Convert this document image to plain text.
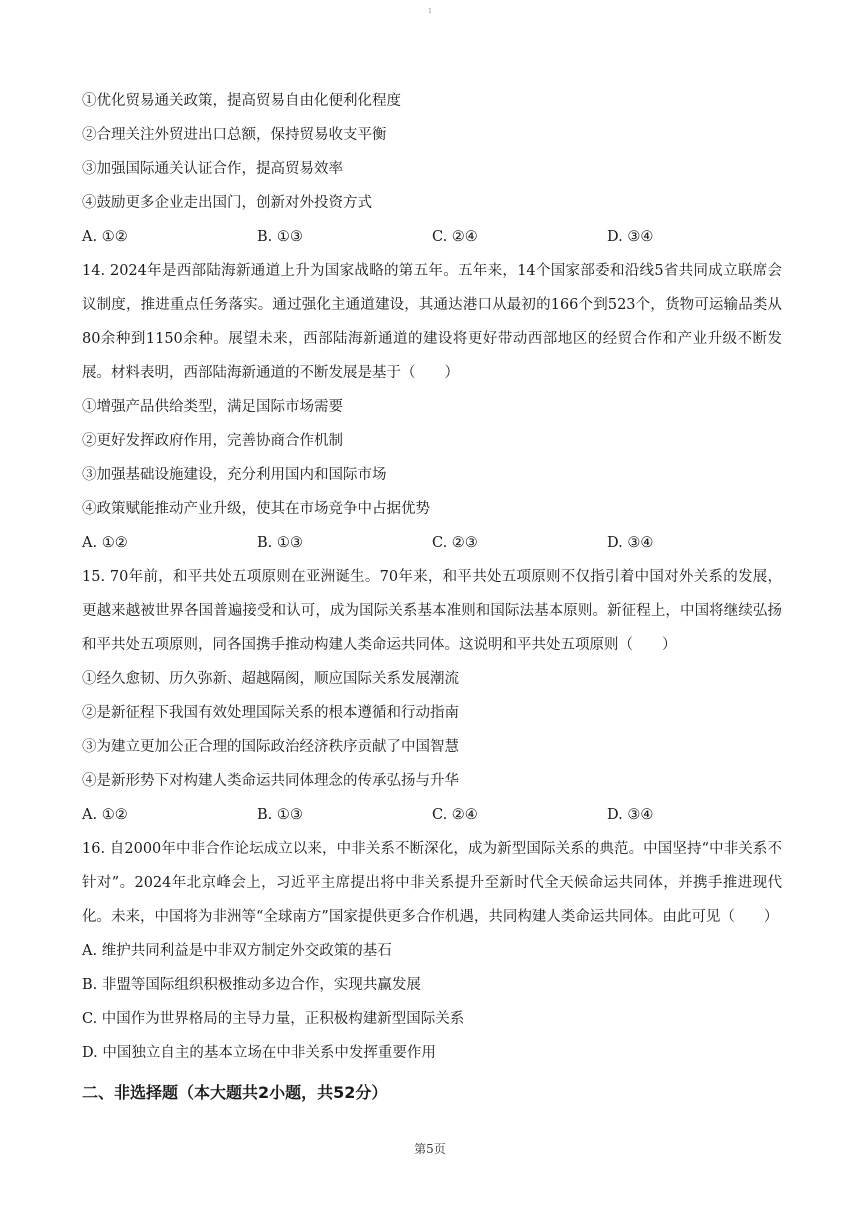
1
①优化贸易通关政策，提高贸易自由化便利化程度
②合理关注外贸进出口总额，保持贸易收支平衡
③加强国际通关认证合作，提高贸易效率
④鼓励更多企业走出国门，创新对外投资方式
A. ①②	B. ①③	C. ②④	D. ③④
14. 2024年是西部陆海新通道上升为国家战略的第五年。五年来，14个国家部委和沿线5省共同成立联席会议制度，推进重点任务落实。通过强化主通道建设，其通达港口从最初的166个到523个，货物可运输品类从80余种到1150余种。展望未来，西部陆海新通道的建设将更好带动西部地区的经贸合作和产业升级不断发展。材料表明，西部陆海新通道的不断发展是基于（　　）
①增强产品供给类型，满足国际市场需要
②更好发挥政府作用，完善协商合作机制
③加强基础设施建设，充分利用国内和国际市场
④政策赋能推动产业升级，使其在市场竞争中占据优势
A. ①②	B. ①③	C. ②③	D. ③④
15. 70年前，和平共处五项原则在亚洲诞生。70年来，和平共处五项原则不仅指引着中国对外关系的发展，更越来越被世界各国普遍接受和认可，成为国际关系基本准则和国际法基本原则。新征程上，中国将继续弘扬和平共处五项原则，同各国携手推动构建人类命运共同体。这说明和平共处五项原则（　　）
①经久愈韧、历久弥新、超越隔阂，顺应国际关系发展潮流
②是新征程下我国有效处理国际关系的根本遵循和行动指南
③为建立更加公正合理的国际政治经济秩序贡献了中国智慧
④是新形势下对构建人类命运共同体理念的传承弘扬与升华
A. ①②	B. ①③	C. ②④	D. ③④
16. 自2000年中非合作论坛成立以来，中非关系不断深化，成为新型国际关系的典范。中国坚持“中非关系不针对”。2024年北京峰会上，习近平主席提出将中非关系提升至新时代全天候命运共同体，并携手推进现代化。未来，中国将为非洲等“全球南方”国家提供更多合作机遇，共同构建人类命运共同体。由此可见（　　）
A. 维护共同利益是中非双方制定外交政策的基石
B. 非盟等国际组织积极推动多边合作，实现共赢发展
C. 中国作为世界格局的主导力量，正积极构建新型国际关系
D. 中国独立自主的基本立场在中非关系中发挥重要作用
二、非选择题（本大题共2小题，共52分）
第5页
